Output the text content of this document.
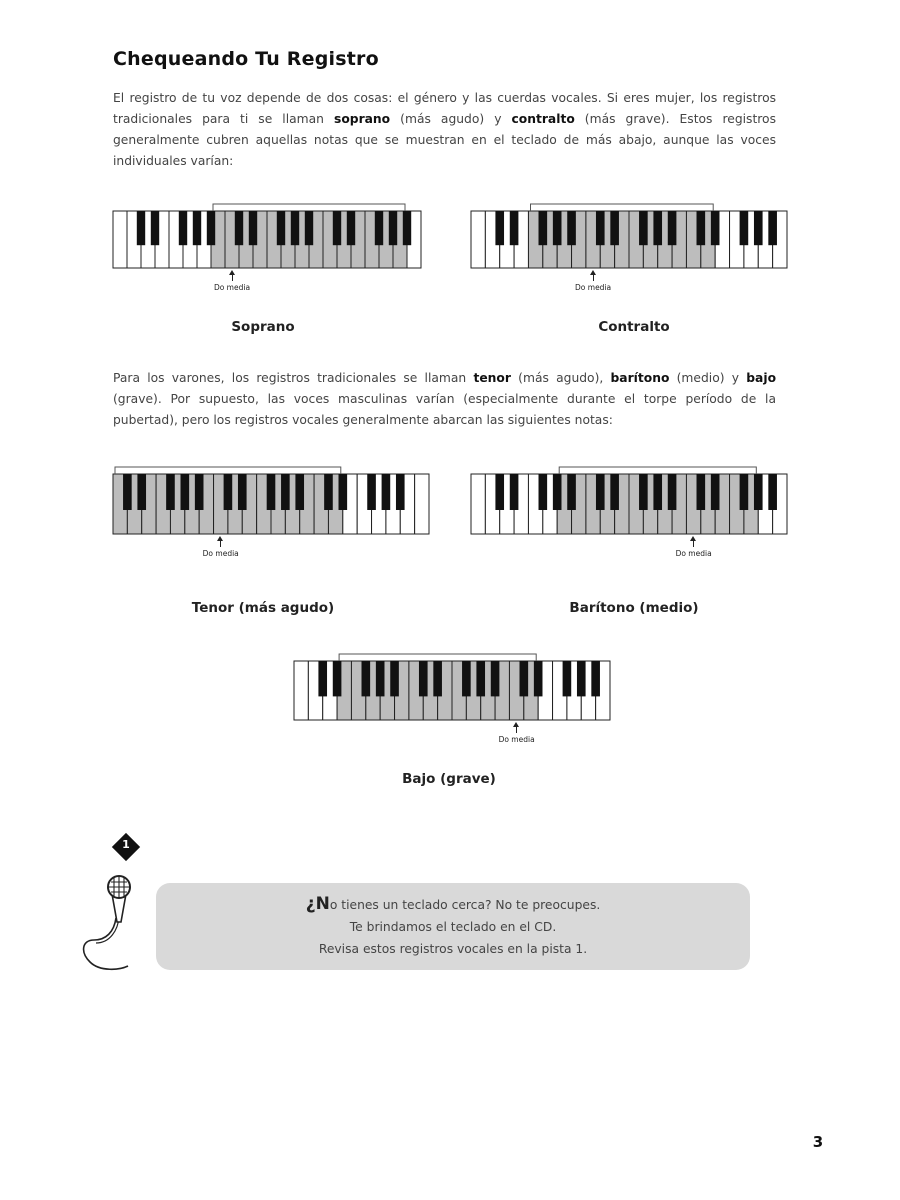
Chequeando Tu Registro

El registro de tu voz depende de dos cosas: el género y las cuerdas vocales. Si eres mujer, los registros tradicionales para ti se llaman soprano (más agudo) y contralto (más grave). Estos registros generalmente cubren aquellas notas que se muestran en el teclado de más abajo, aunque las voces individuales varían:

Do media
Soprano
Do media
Contralto

Para los varones, los registros tradicionales se llaman tenor (más agudo), barítono (medio) y bajo (grave). Por supuesto, las voces masculinas varían (especialmente durante el torpe período de la pubertad), pero los registros vocales generalmente abarcan las siguientes notas:

Do media
Tenor (más agudo)
Do media
Barítono (medio)
Do media
Bajo (grave)
1
¿No tienes un teclado cerca? No te preocupes.
Te brindamos el teclado en el CD.
Revisa estos registros vocales en la pista 1.
3
